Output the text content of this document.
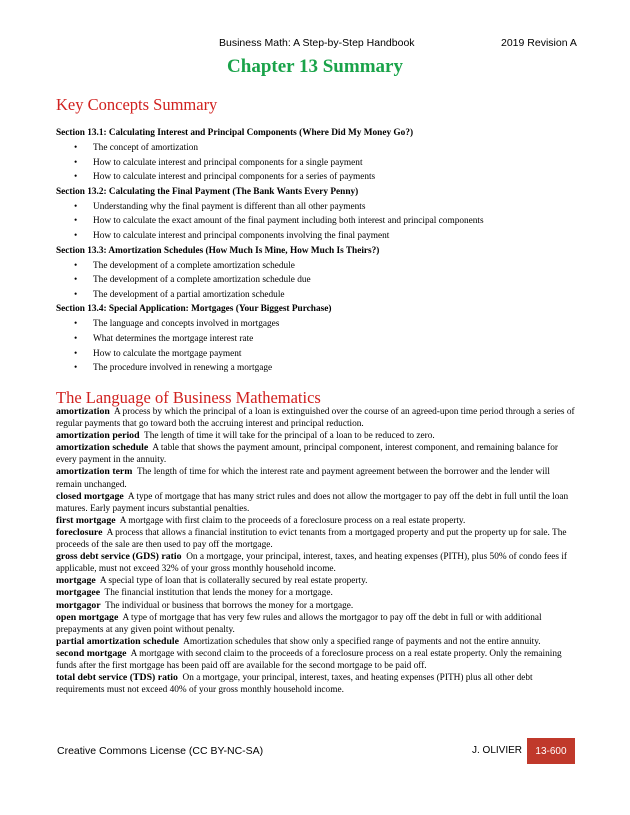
Business Math: A Step-by-Step Handbook	2019 Revision A
Chapter 13 Summary
Key Concepts Summary
Section 13.1: Calculating Interest and Principal Components (Where Did My Money Go?)
• The concept of amortization
• How to calculate interest and principal components for a single payment
• How to calculate interest and principal components for a series of payments
Section 13.2: Calculating the Final Payment (The Bank Wants Every Penny)
• Understanding why the final payment is different than all other payments
• How to calculate the exact amount of the final payment including both interest and principal components
• How to calculate interest and principal components involving the final payment
Section 13.3: Amortization Schedules (How Much Is Mine, How Much Is Theirs?)
• The development of a complete amortization schedule
• The development of a complete amortization schedule due
• The development of a partial amortization schedule
Section 13.4: Special Application: Mortgages (Your Biggest Purchase)
• The language and concepts involved in mortgages
• What determines the mortgage interest rate
• How to calculate the mortgage payment
• The procedure involved in renewing a mortgage
The Language of Business Mathematics

amortization A process by which the principal of a loan is extinguished over the course of an agreed-upon time period through a series of regular payments that go toward both the accruing interest and principal reduction.

amortization period The length of time it will take for the principal of a loan to be reduced to zero.

amortization schedule A table that shows the payment amount, principal component, interest component, and remaining balance for every payment in the annuity.

amortization term The length of time for which the interest rate and payment agreement between the borrower and the lender will remain unchanged.

closed mortgage A type of mortgage that has many strict rules and does not allow the mortgager to pay off the debt in full until the loan matures. Early payment incurs substantial penalties.

first mortgage A mortgage with first claim to the proceeds of a foreclosure process on a real estate property.

foreclosure A process that allows a financial institution to evict tenants from a mortgaged property and put the property up for sale. The proceeds of the sale are then used to pay off the mortgage.

gross debt service (GDS) ratio On a mortgage, your principal, interest, taxes, and heating expenses (PITH), plus 50% of condo fees if applicable, must not exceed 32% of your gross monthly household income.

mortgage A special type of loan that is collaterally secured by real estate property.

mortgagee The financial institution that lends the money for a mortgage.

mortgagor The individual or business that borrows the money for a mortgage.

open mortgage A type of mortgage that has very few rules and allows the mortgagor to pay off the debt in full or with additional prepayments at any given point without penalty.

partial amortization schedule Amortization schedules that show only a specified range of payments and not the entire annuity.

second mortgage A mortgage with second claim to the proceeds of a foreclosure process on a real estate property. Only the remaining funds after the first mortgage has been paid off are available for the second mortgage to be paid off.

total debt service (TDS) ratio On a mortgage, your principal, interest, taxes, and heating expenses (PITH) plus all other debt requirements must not exceed 40% of your gross monthly household income.

Creative Commons License (CC BY-NC-SA)	J. OLIVIER 13-600
